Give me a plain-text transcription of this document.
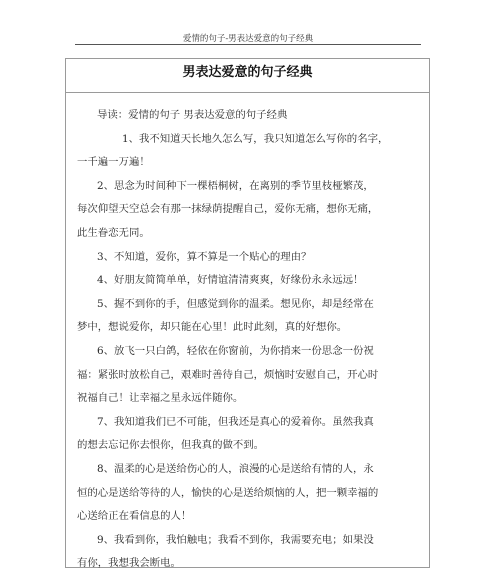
爱情的句子-男表达爱意的句子经典
男表达爱意的句子经典

导读：爱情的句子 男表达爱意的句子经典

1、我不知道天长地久怎么写，我只知道怎么写你的名字，

一千遍一万遍！

2、思念为时间种下一棵梧桐树，在离别的季节里枝桠繁茂，

每次仰望天空总会有那一抹绿荫提醒自己，爱你无痛，想你无痛，

此生眷恋无同。

3、不知道，爱你，算不算是一个贴心的理由？

4、好朋友简简单单，好情谊清清爽爽，好缘份永永远远！

5、握不到你的手，但感觉到你的温柔。想见你，却是经常在

梦中，想说爱你，却只能在心里！此时此刻，真的好想你。

6、放飞一只白鸽，轻依在你窗前，为你捎来一份思念一份祝

福：紧张时放松自己，艰难时善待自己，烦恼时安慰自己，开心时

祝福自己！让幸福之星永远伴随你。

7、我知道我们已不可能，但我还是真心的爱着你。虽然我真

的想去忘记你去恨你，但我真的做不到。

8、温柔的心是送给伤心的人，浪漫的心是送给有情的人，永

恒的心是送给等待的人，愉快的心是送给烦恼的人，把一颗幸福的

心送给正在看信息的人！

9、我看到你，我怕触电；我看不到你，我需要充电；如果没

有你，我想我会断电。
